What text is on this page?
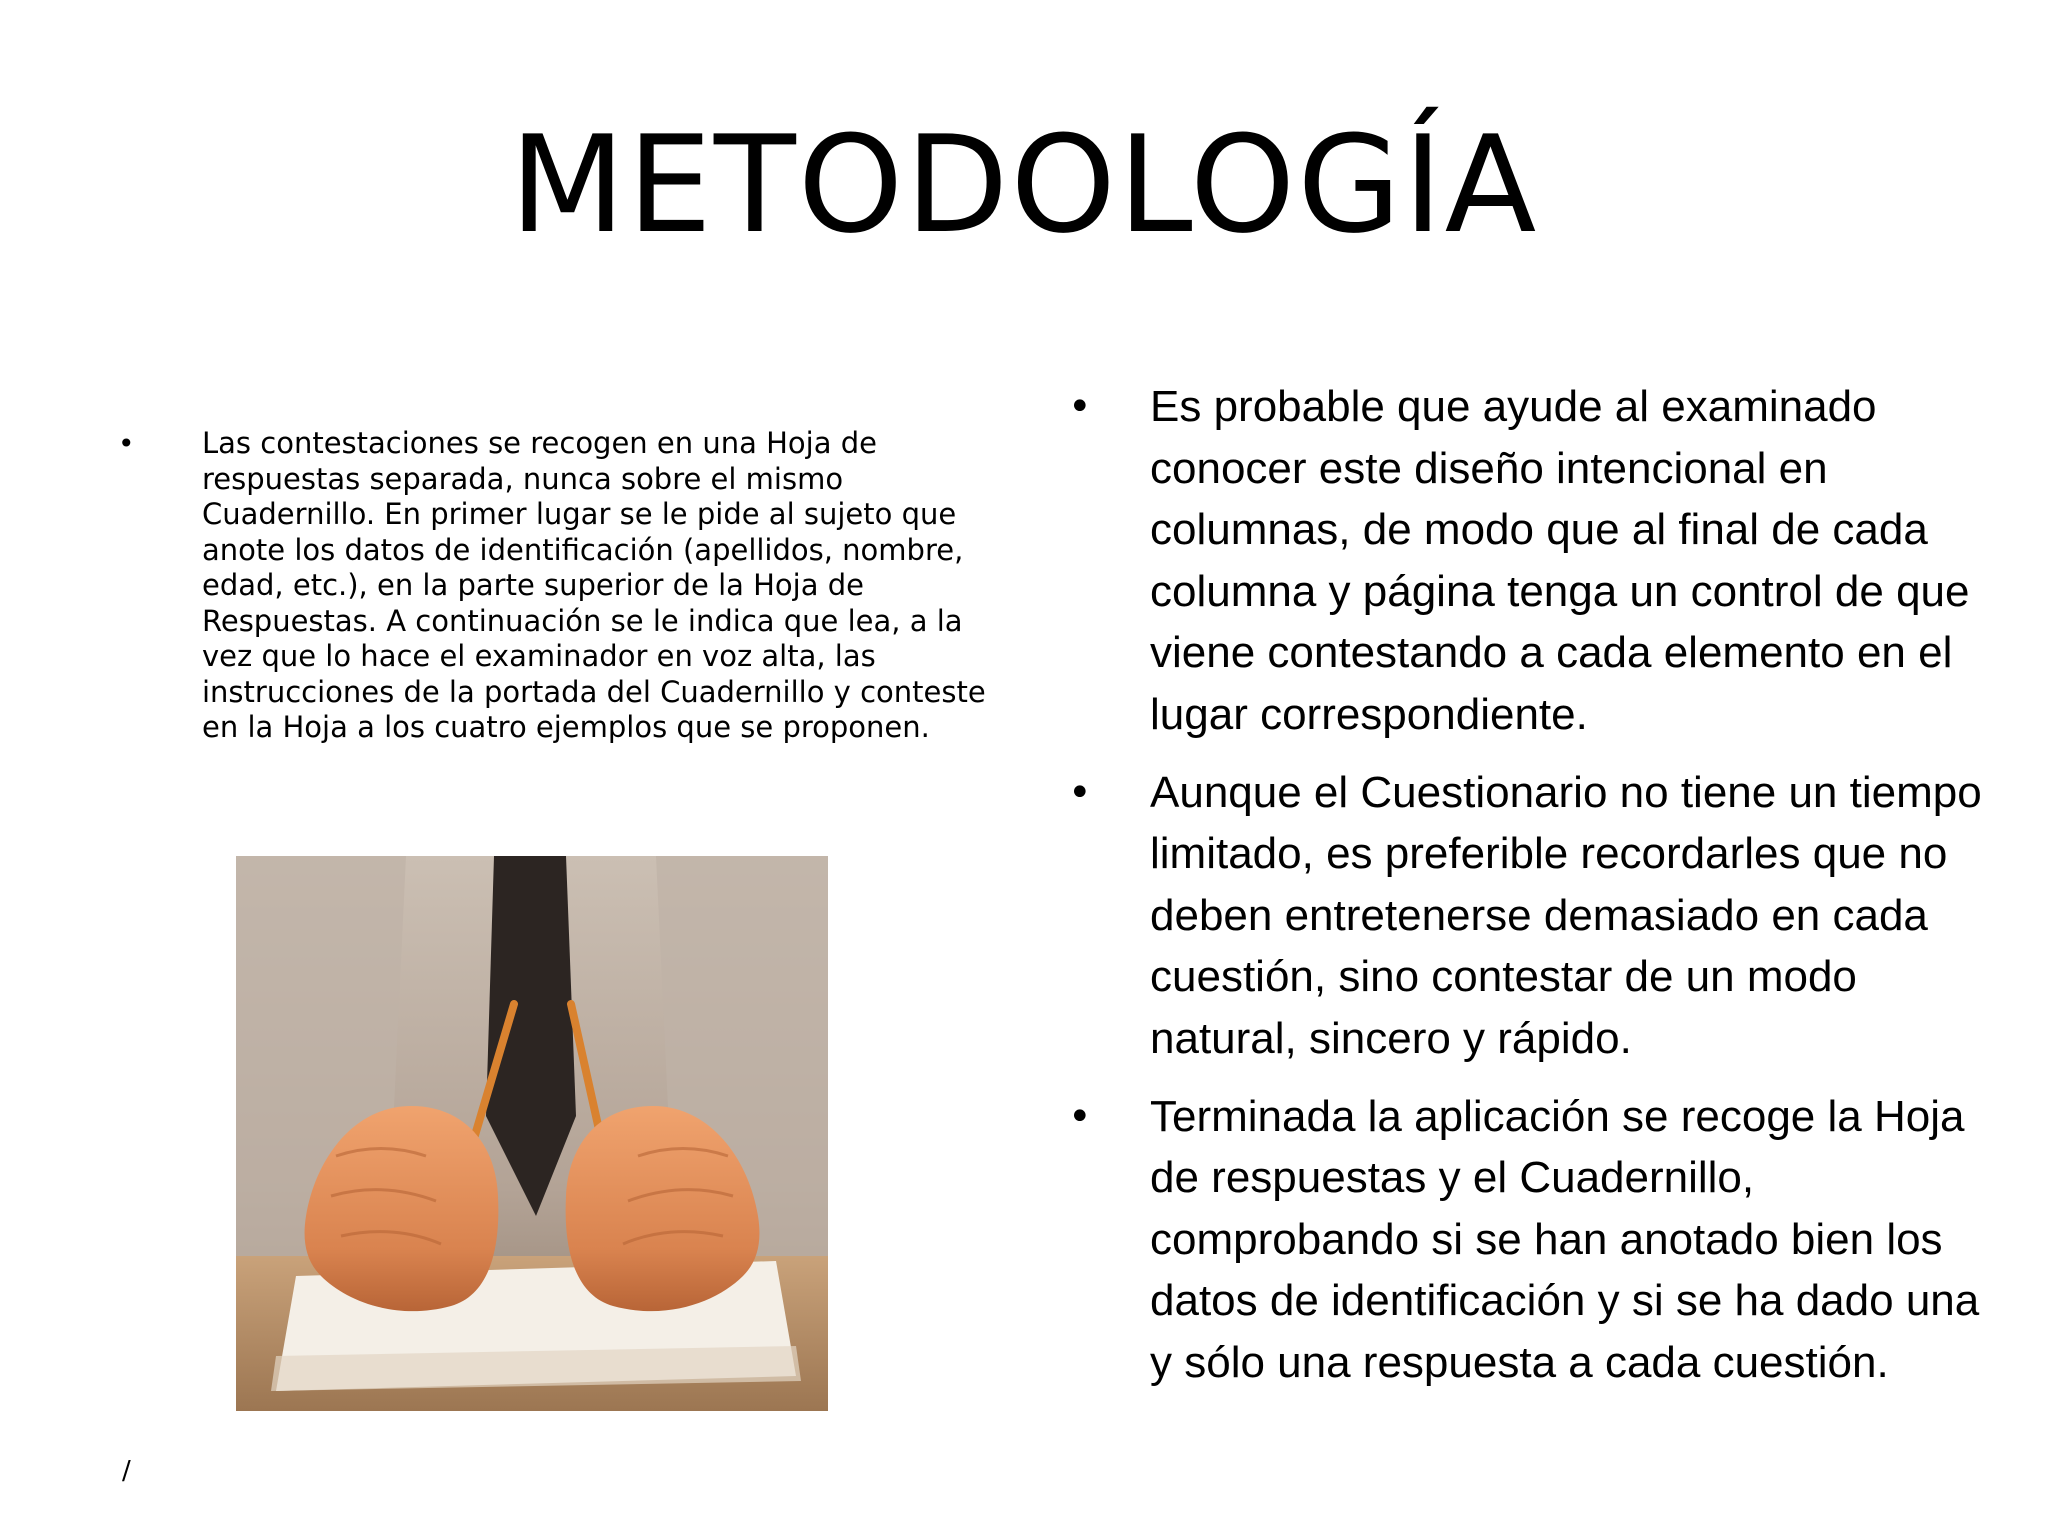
METODOLOGÍA
•	Las contestaciones se recogen en una Hoja de respuestas separada, nunca sobre el mismo Cuadernillo. En primer lugar se le pide al sujeto que anote los datos de identificación (apellidos, nombre, edad, etc.), en la parte superior de la Hoja de Respuestas. A continuación se le indica que lea, a la vez que lo hace el examinador en voz alta, las instrucciones de la portada del Cuadernillo y conteste en la Hoja a los cuatro ejemplos que se proponen.
/
•	Es probable que ayude al examinado conocer este diseño intencional en columnas, de modo que al final de cada columna y página tenga un control de que viene contestando a cada elemento en el lugar correspondiente.
•	Aunque el Cuestionario no tiene un tiempo limitado, es preferible recordarles que no deben entretenerse demasiado en cada cuestión, sino contestar de un modo natural, sincero y rápido.
•	Terminada la aplicación se recoge la Hoja de respuestas y el Cuadernillo, comprobando si se han anotado bien los datos de identificación y si se ha dado una y sólo una respuesta a cada cuestión.
